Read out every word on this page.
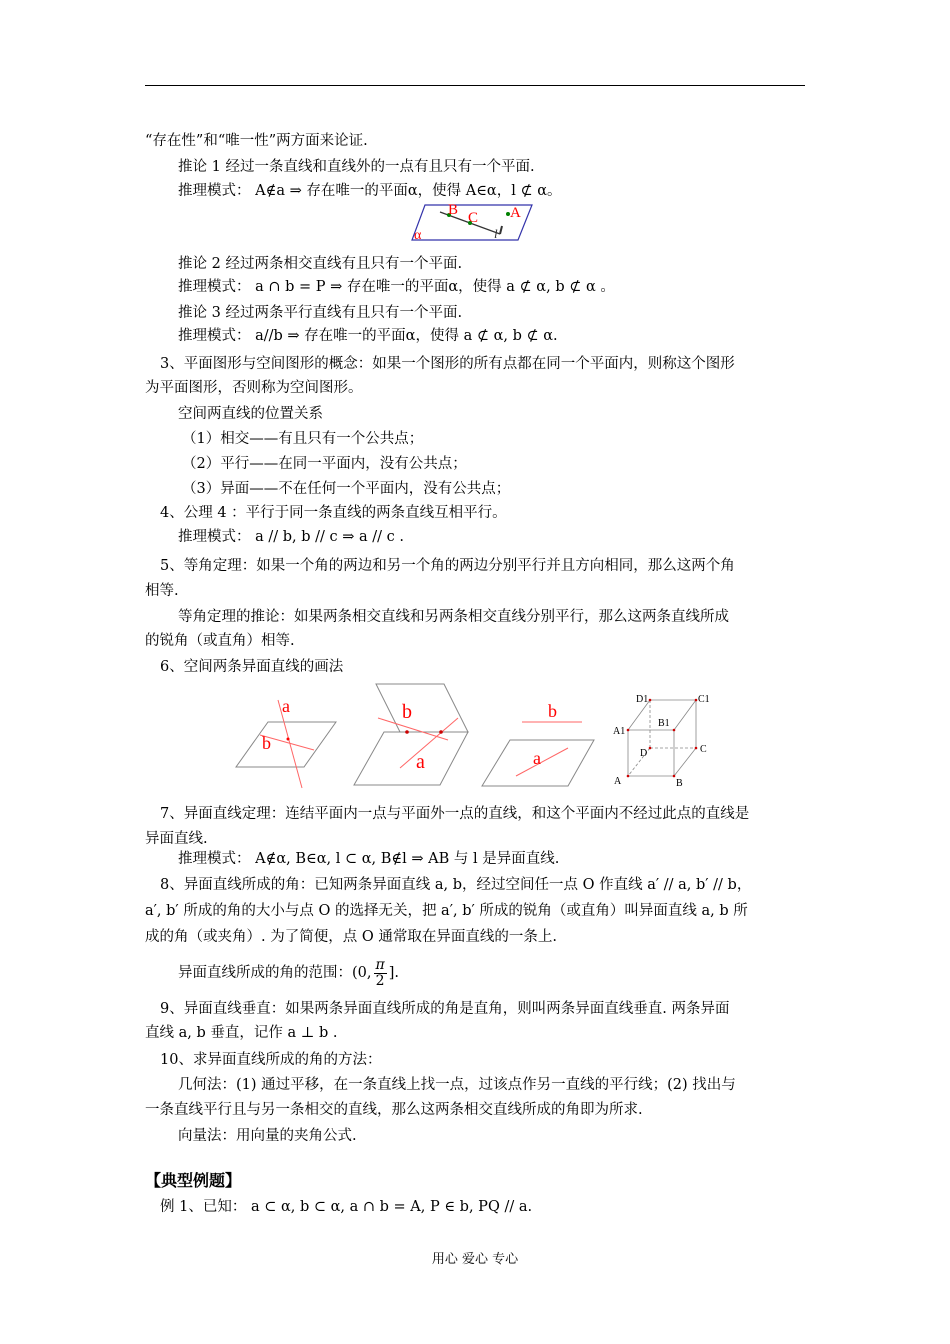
“存在性”和“唯一性”两方面来论证.
推论 1 经过一条直线和直线外的一点有且只有一个平面.
推理模式： A∉a ⇒ 存在唯一的平面α，使得 A∈α，l ⊄ α。
B C A
α	l
推论 2 经过两条相交直线有且只有一个平面.
推理模式： a ∩ b = P ⇒ 存在唯一的平面α，使得 a ⊄ α, b ⊄ α 。
推论 3 经过两条平行直线有且只有一个平面.
推理模式： a//b ⇒ 存在唯一的平面α，使得 a ⊄ α, b ⊄ α.
3、平面图形与空间图形的概念：如果一个图形的所有点都在同一个平面内，则称这个图形
为平面图形，否则称为空间图形。
空间两直线的位置关系
（1）相交——有且只有一个公共点；
（2）平行——在同一平面内，没有公共点；
（3）异面——不在任何一个平面内，没有公共点；
4、公理 4 ：平行于同一条直线的两条直线互相平行。
推理模式： a // b, b // c ⇒ a // c .
5、等角定理：如果一个角的两边和另一个角的两边分别平行并且方向相同，那么这两个角
相等.
等角定理的推论：如果两条相交直线和另两条相交直线分别平行，那么这两条直线所成
的锐角（或直角）相等.
6、空间两条异面直线的画法
a
b
b
a
b
a
D1	C1
A1
B1
D	C
A	B
7、异面直线定理：连结平面内一点与平面外一点的直线，和这个平面内不经过此点的直线是
异面直线.
推理模式： A∉α, B∈α, l ⊂ α, B∉l ⇒ AB 与 l 是异面直线.
8、异面直线所成的角：已知两条异面直线 a, b，经过空间任一点 O 作直线 a′ // a, b′ // b，
a′, b′ 所成的角的大小与点 O 的选择无关，把 a′, b′ 所成的锐角（或直角）叫异面直线 a, b 所
成的角（或夹角）. 为了简便，点 O 通常取在异面直线的一条上.
异面直线所成的角的范围：(0, $\frac{\pi}{2}$ ].
9、异面直线垂直：如果两条异面直线所成的角是直角，则叫两条异面直线垂直. 两条异面
直线 a, b 垂直，记作 a ⊥ b .
10、求异面直线所成的角的方法：
几何法：(1) 通过平移，在一条直线上找一点，过该点作另一直线的平行线；(2) 找出与
一条直线平行且与另一条相交的直线，那么这两条相交直线所成的角即为所求.
向量法：用向量的夹角公式.
【典型例题】
例 1、已知： a ⊂ α, b ⊂ α, a ∩ b = A, P ∈ b, PQ // a.
用心 爱心 专心
